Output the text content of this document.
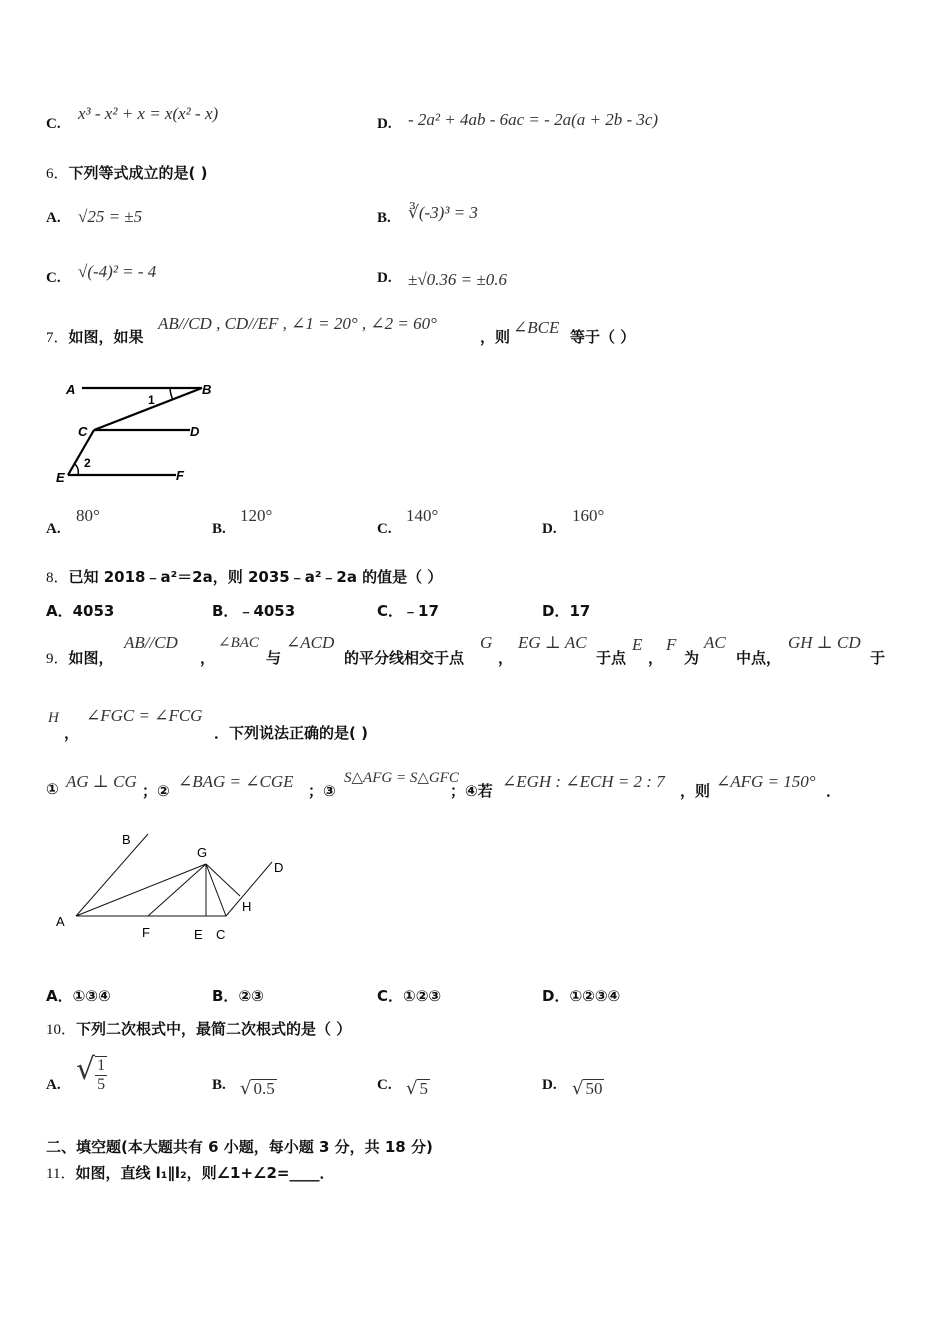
C.
x³ - x² + x = x(x² - x)
D. - 2a² + 4ab - 6ac = - 2a(a + 2b - 3c)
6．下列等式成立的是( )
A. √25 = ±5	B. ∛(-3)³ = 3
C. √(-4)² = - 4	D. ±√0.36 = ±0.6
7．如图，如果
AB//CD , CD//EF , ∠1 = 20° , ∠2 = 60°
，则 ∠BCE 等于（ ）
A	B
C	D
E	F
1
2
A.
80°
B.
120°
C.
140°
D.
160°
8．已知 2018﹣a²＝2a，则 2035﹣a²﹣2a 的值是（ ）
A．4053	B．﹣4053	C．﹣17	D．17
9．如图，
AB//CD
，
∠BAC
与
∠ACD
的平分线相交于点
G
，
EG ⊥ AC
于点
E
，
F
为
AC
中点，
GH ⊥ CD
于
H
，
∠FGC = ∠FCG
．下列说法正确的是( )
① AG ⊥ CG ；② ∠BAG = ∠CGE ；③
S△AFG = S△GFC
；④若 ∠EGH : ∠ECH = 2 : 7 ，则 ∠AFG = 150° ．
B
G
D
H
A
F	E C
A．①③④	B．②③	C．①②③	D．①②③④
10．下列二次根式中，最简二次根式的是（ ）
A. √ $\frac{1}{5}$	B. √ 0.5	C. √ 5	D. √ 50
二、填空题(本大题共有 6 小题，每小题 3 分，共 18 分)
11．如图，直线 l₁∥l₂，则∠1+∠2=____．
